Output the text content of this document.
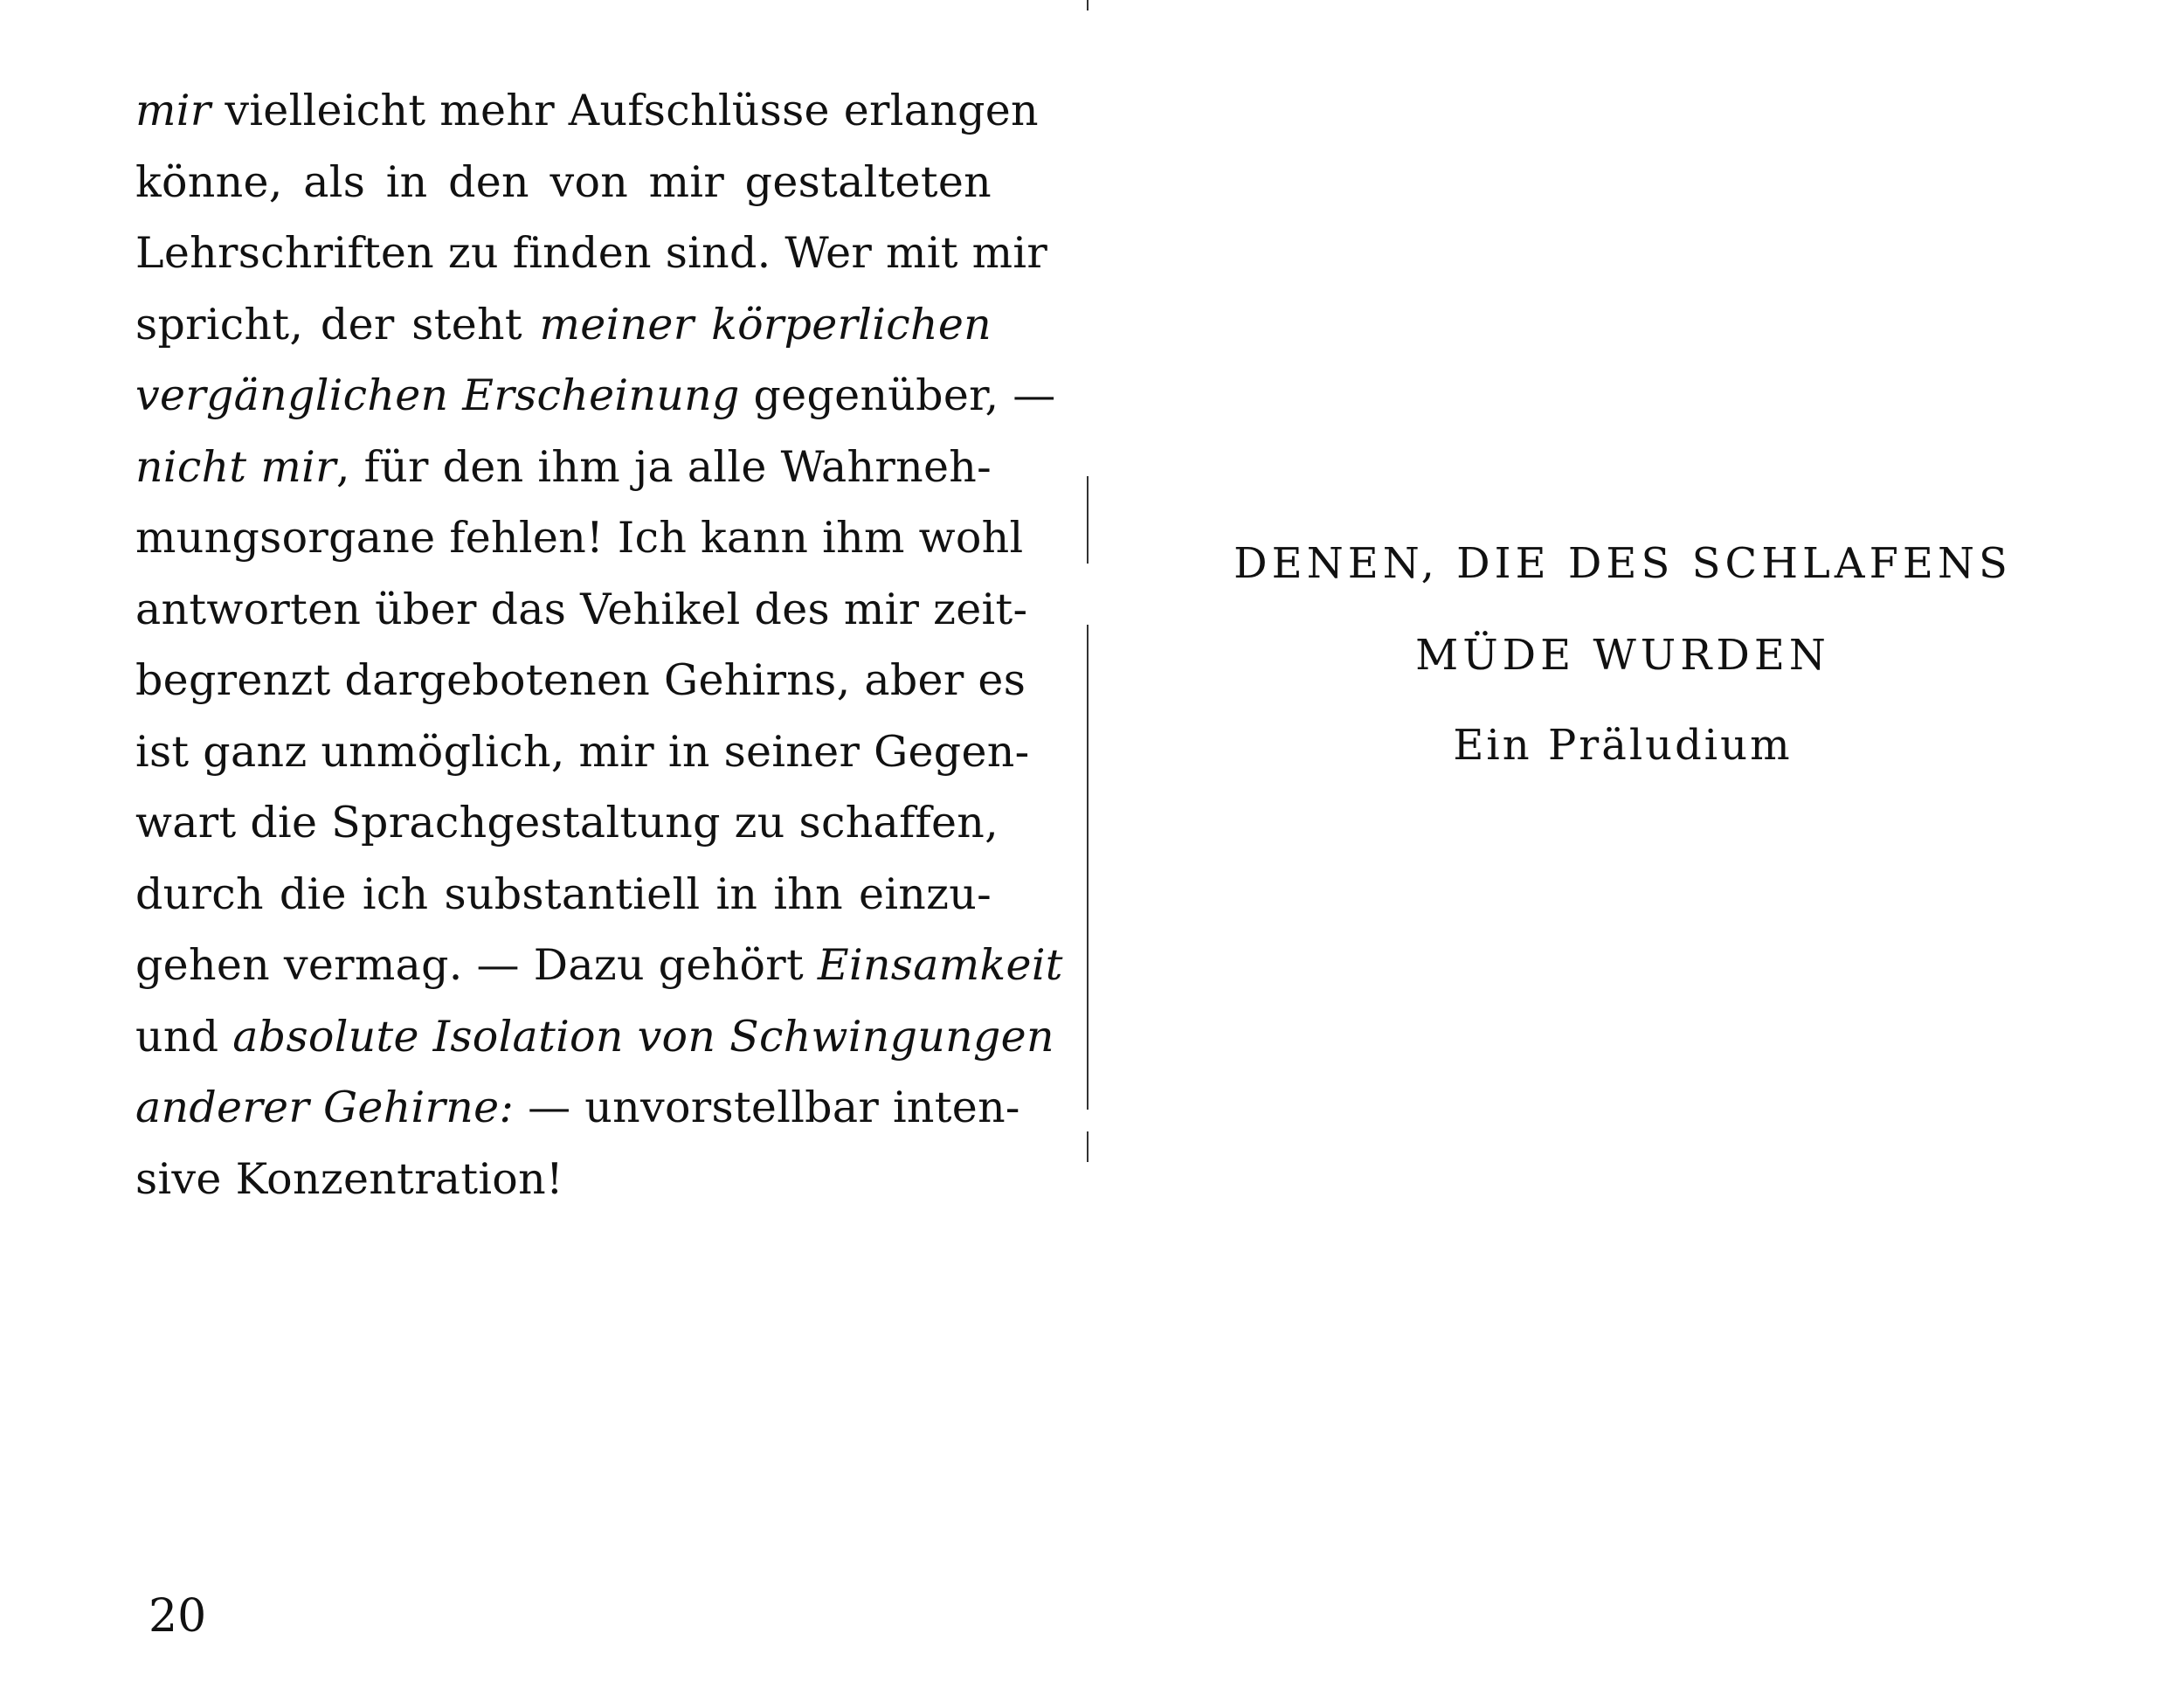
mir vielleicht mehr Aufschlüsse erlangen
könne, als in den von mir gestalteten
Lehrschriften zu finden sind. Wer mit mir
spricht, der steht meiner körperlichen
vergänglichen Erscheinung gegenüber, —
nicht mir, für den ihm ja alle Wahrneh-
mungsorgane fehlen! Ich kann ihm wohl
antworten über das Vehikel des mir zeit-
begrenzt dargebotenen Gehirns, aber es
ist ganz unmöglich, mir in seiner Gegen-
wart die Sprachgestaltung zu schaffen,
durch die ich substantiell in ihn einzu-
gehen vermag. — Dazu gehört Einsamkeit
und absolute Isolation von Schwingungen
anderer Gehirne: — unvorstellbar inten-
sive Konzentration!
20
DENEN, DIE DES SCHLAFENS
MÜDE WURDEN
Ein Präludium
